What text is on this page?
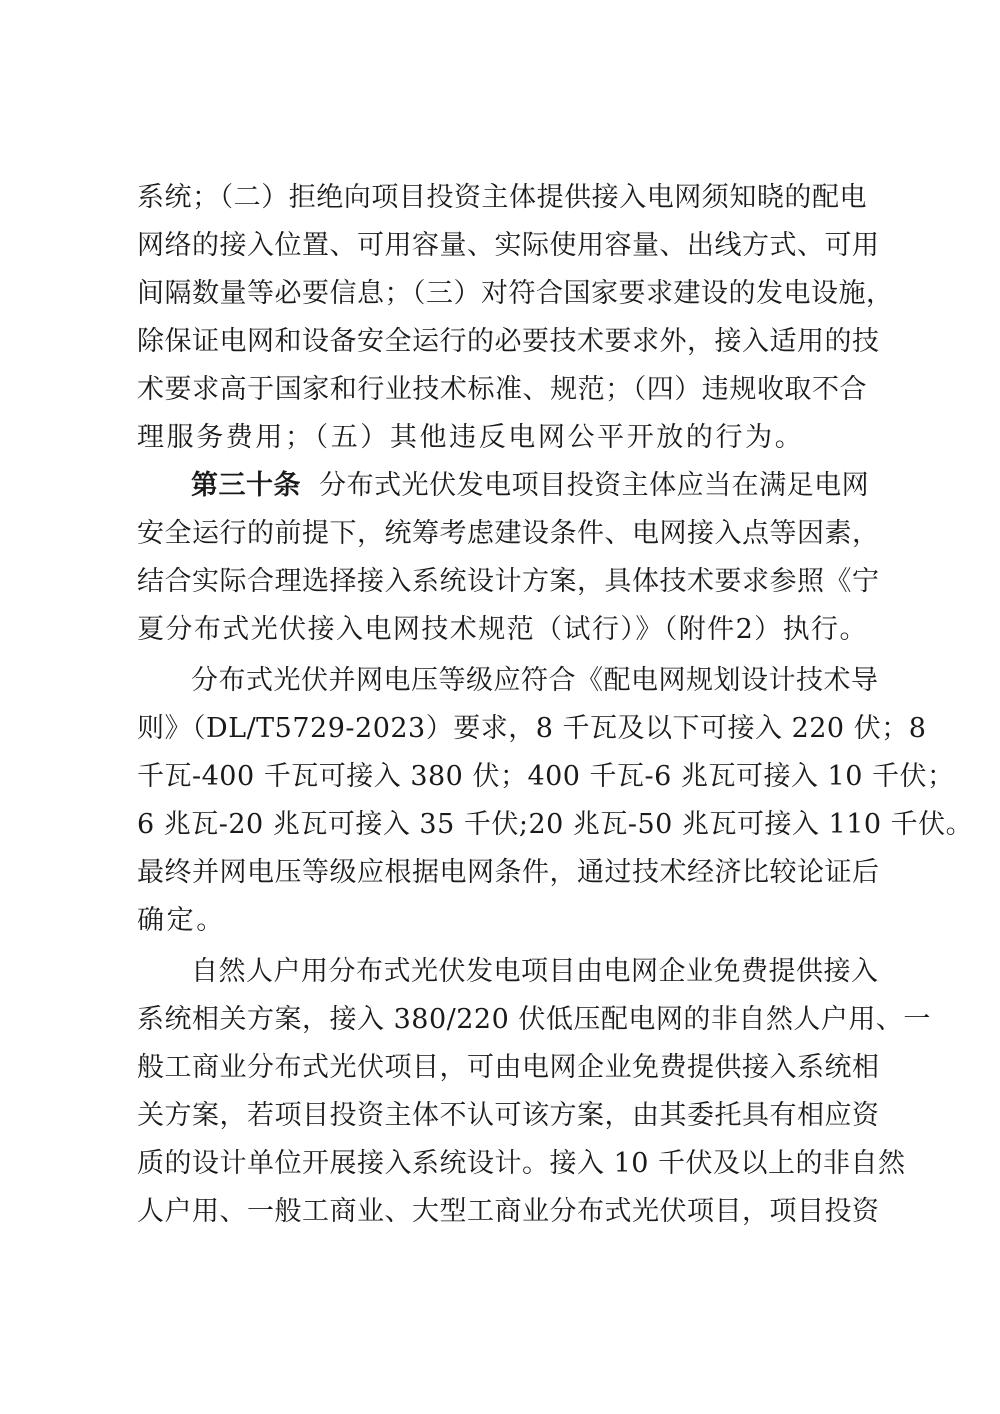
系统；（二）拒绝向项目投资主体提供接入电网须知晓的配电
网络的接入位置、可用容量、实际使用容量、出线方式、可用
间隔数量等必要信息；（三）对符合国家要求建设的发电设施，
除保证电网和设备安全运行的必要技术要求外，接入适用的技
术要求高于国家和行业技术标准、规范；（四）违规收取不合
理服务费用；（五）其他违反电网公平开放的行为。
第三十条 分布式光伏发电项目投资主体应当在满足电网
安全运行的前提下，统筹考虑建设条件、电网接入点等因素，
结合实际合理选择接入系统设计方案，具体技术要求参照《宁
夏分布式光伏接入电网技术规范（试行）》（附件2）执行。
分布式光伏并网电压等级应符合《配电网规划设计技术导
则》（DL/T5729-2023）要求，8 千瓦及以下可接入 220 伏；8
千瓦-400 千瓦可接入 380 伏；400 千瓦-6 兆瓦可接入 10 千伏；
6 兆瓦-20 兆瓦可接入 35 千伏;20 兆瓦-50 兆瓦可接入 110 千伏。
最终并网电压等级应根据电网条件，通过技术经济比较论证后
确定。
自然人户用分布式光伏发电项目由电网企业免费提供接入
系统相关方案，接入 380/220 伏低压配电网的非自然人户用、一
般工商业分布式光伏项目，可由电网企业免费提供接入系统相
关方案，若项目投资主体不认可该方案，由其委托具有相应资
质的设计单位开展接入系统设计。接入 10 千伏及以上的非自然
人户用、一般工商业、大型工商业分布式光伏项目，项目投资
